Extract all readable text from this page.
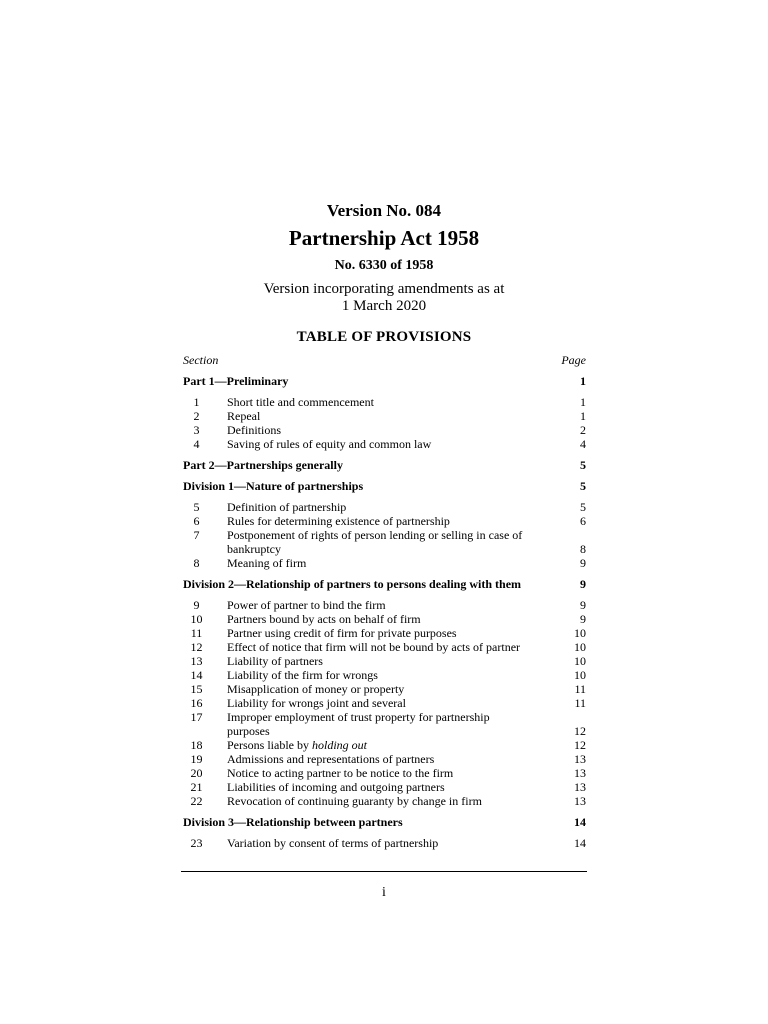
Version No. 084
Partnership Act 1958
No. 6330 of 1958
Version incorporating amendments as at
1 March 2020
TABLE OF PROVISIONS
Section	Page
Part 1—Preliminary	1
1	Short title and commencement	1
2	Repeal	1
3	Definitions	2
4	Saving of rules of equity and common law	4
Part 2—Partnerships generally	5
Division 1—Nature of partnerships	5
5	Definition of partnership	5
6	Rules for determining existence of partnership	6
7	Postponement of rights of person lending or selling in case of
bankruptcy	8
8	Meaning of firm	9
Division 2—Relationship of partners to persons dealing with them	9
9	Power of partner to bind the firm	9
10	Partners bound by acts on behalf of firm	9
11	Partner using credit of firm for private purposes	10
12	Effect of notice that firm will not be bound by acts of partner	10
13	Liability of partners	10
14	Liability of the firm for wrongs	10
15	Misapplication of money or property	11
16	Liability for wrongs joint and several	11
17	Improper employment of trust property for partnership
purposes	12
18	Persons liable by holding out	12
19	Admissions and representations of partners	13
20	Notice to acting partner to be notice to the firm	13
21	Liabilities of incoming and outgoing partners	13
22	Revocation of continuing guaranty by change in firm	13
Division 3—Relationship between partners	14
23	Variation by consent of terms of partnership	14
i
